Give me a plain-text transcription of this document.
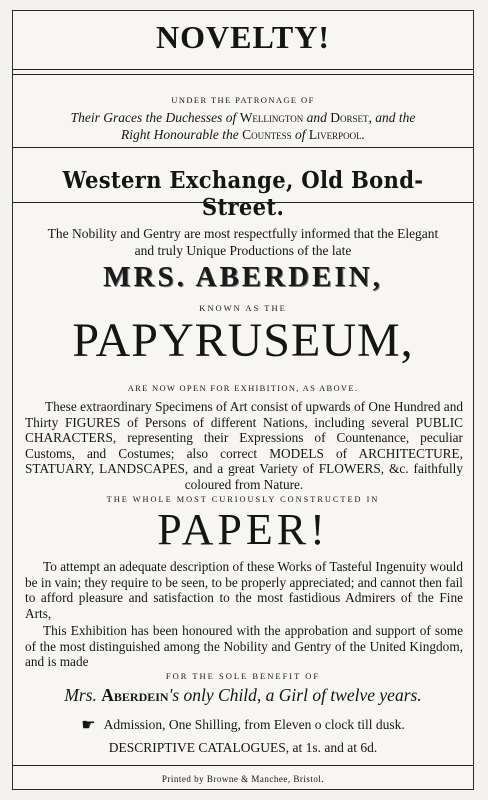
NOVELTY!
UNDER THE PATRONAGE OF
Their Graces the Duchesses of Wellington and Dorset, and the
Right Honourable the Countess of Liverpool.
Western Exchange, Old Bond-Street.
The Nobility and Gentry are most respectfully informed that the Elegant
and truly Unique Productions of the late
MRS. ABERDEIN,
KNOWN AS THE
PAPYRUSEUM,
ARE NOW OPEN FOR EXHIBITION, AS ABOVE.
These extraordinary Specimens of Art consist of upwards of One Hundred and Thirty FIGURES of Persons of different Nations, including several PUBLIC CHARACTERS, representing their Expressions of Countenance, peculiar Customs, and Costumes; also correct MODELS of ARCHITECTURE, STATUARY, LANDSCAPES, and a great Variety of FLOWERS, &c. faithfully coloured from Nature.
THE WHOLE MOST CURIOUSLY CONSTRUCTED IN
PAPER!
To attempt an adequate description of these Works of Tasteful Ingenuity would be in vain; they require to be seen, to be properly appreciated; and cannot then fail to afford pleasure and satisfaction to the most fastidious Admirers of the Fine Arts,
This Exhibition has been honoured with the approbation and support of some of the most distinguished among the Nobility and Gentry of the United Kingdom, and is made
FOR THE SOLE BENEFIT OF
Mrs. Aberdein's only Child, a Girl of twelve years.
☛ Admission, One Shilling, from Eleven o clock till dusk.
DESCRIPTIVE CATALOGUES, at 1s. and at 6d.
Printed by Browne & Manchee, Bristol.
